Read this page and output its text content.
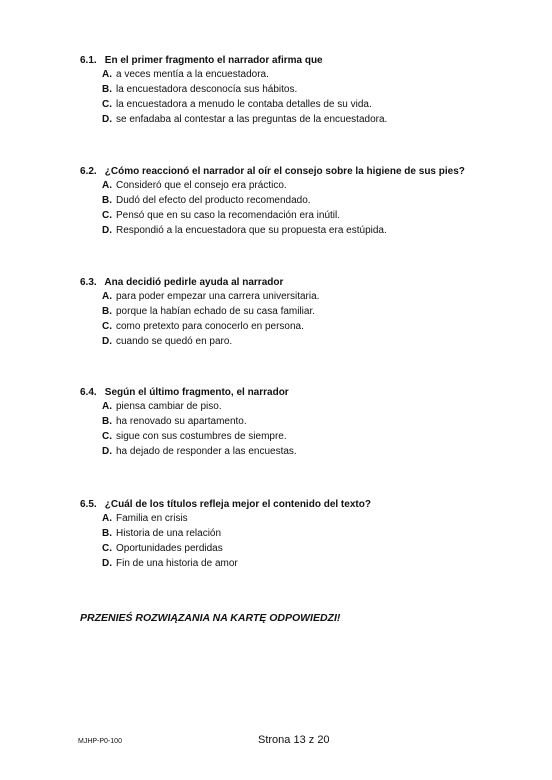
6.1. En el primer fragmento el narrador afirma que
A. a veces mentía a la encuestadora.
B. la encuestadora desconocía sus hábitos.
C. la encuestadora a menudo le contaba detalles de su vida.
D. se enfadaba al contestar a las preguntas de la encuestadora.
6.2. ¿Cómo reaccionó el narrador al oír el consejo sobre la higiene de sus pies?
A. Consideró que el consejo era práctico.
B. Dudó del efecto del producto recomendado.
C. Pensó que en su caso la recomendación era inútil.
D. Respondió a la encuestadora que su propuesta era estúpida.
6.3. Ana decidió pedirle ayuda al narrador
A. para poder empezar una carrera universitaria.
B. porque la habían echado de su casa familiar.
C. como pretexto para conocerlo en persona.
D. cuando se quedó en paro.
6.4. Según el último fragmento, el narrador
A. piensa cambiar de piso.
B. ha renovado su apartamento.
C. sigue con sus costumbres de siempre.
D. ha dejado de responder a las encuestas.
6.5. ¿Cuál de los títulos refleja mejor el contenido del texto?
A. Familia en crisis
B. Historia de una relación
C. Oportunidades perdidas
D. Fin de una historia de amor
PRZENIEŚ ROZWIĄZANIA NA KARTĘ ODPOWIEDZI!
MJHP-P0-100	Strona 13 z 20
